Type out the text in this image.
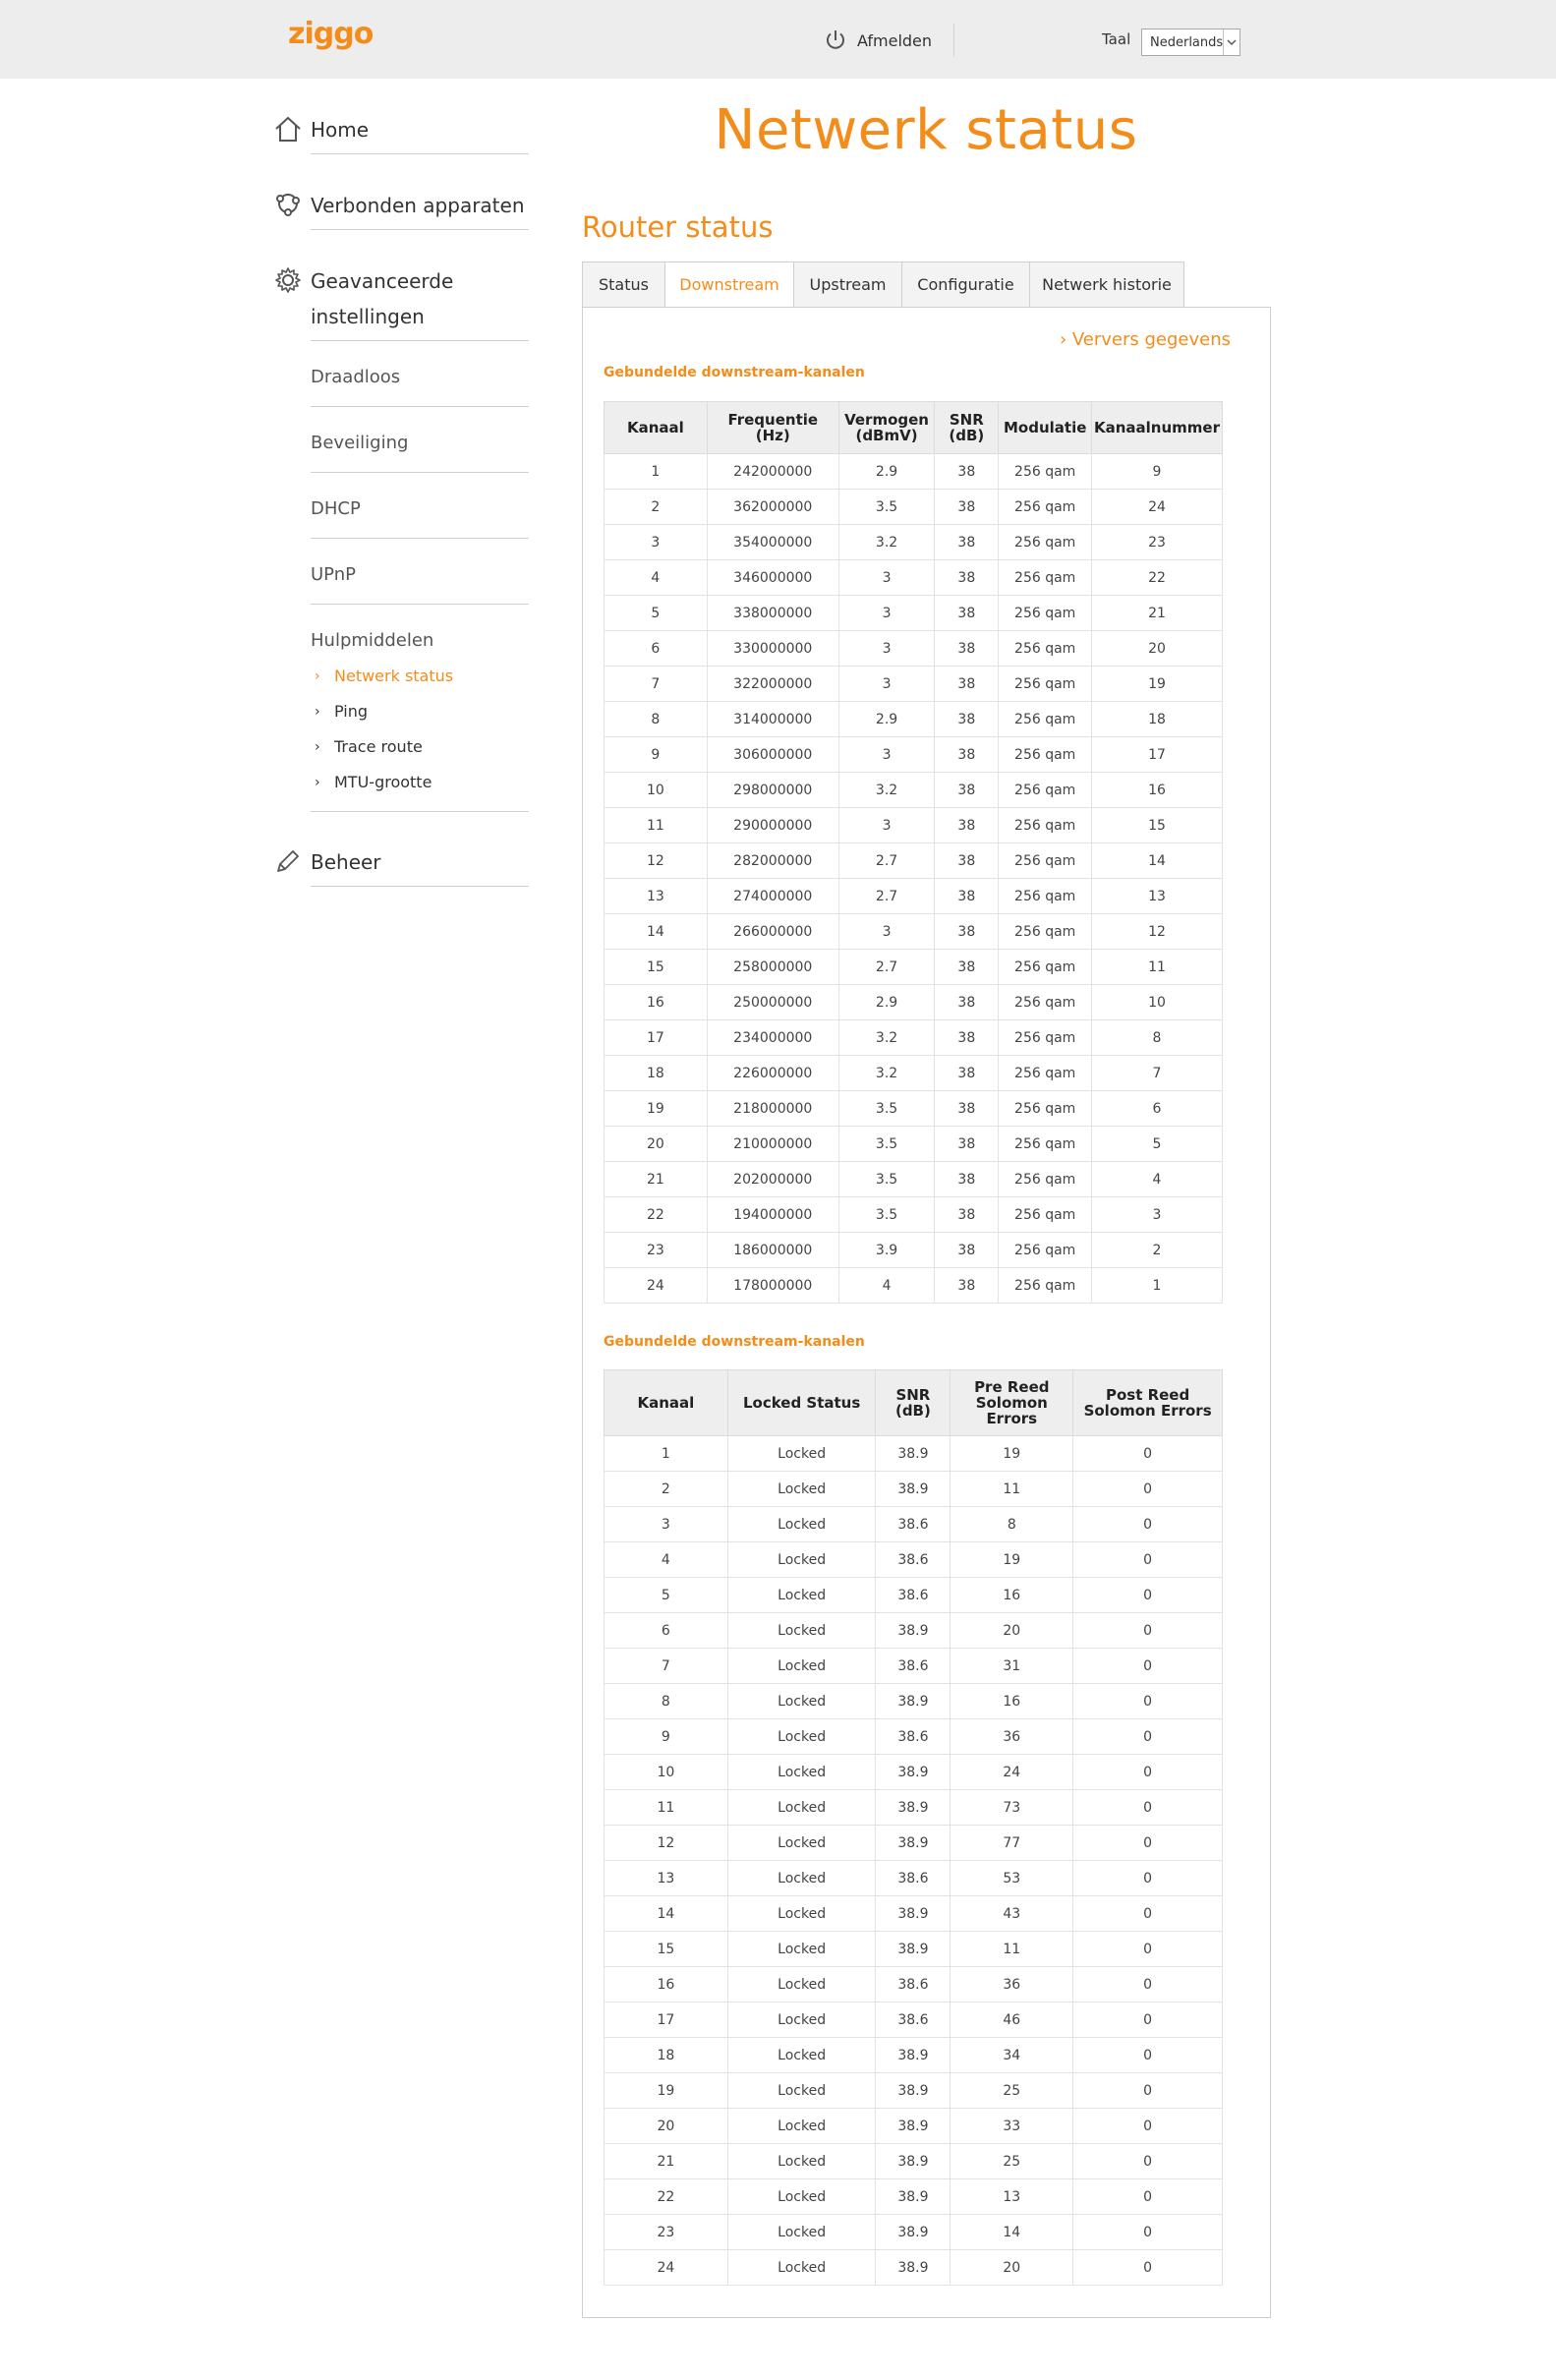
ziggo	Afmelden	Taal	Nederlands
Home
Verbonden apparaten
Geavanceerde
instellingen
Draadloos
Beveiliging
DHCP
UPnP
Hulpmiddelen
› Netwerk status
› Ping
› Trace route
› MTU-grootte
Beheer
Netwerk status
Router status
Status	Downstream	Upstream	Configuratie	Netwerk historie
› Ververs gegevens
Gebundelde downstream-kanalen
Kanaal	Frequentie (Hz)	Vermogen (dBmV)	SNR (dB)	Modulatie	Kanaalnummer
1	242000000	2.9	38	256 qam	9
2	362000000	3.5	38	256 qam	24
3	354000000	3.2	38	256 qam	23
4	346000000	3	38	256 qam	22
5	338000000	3	38	256 qam	21
6	330000000	3	38	256 qam	20
7	322000000	3	38	256 qam	19
8	314000000	2.9	38	256 qam	18
9	306000000	3	38	256 qam	17
10	298000000	3.2	38	256 qam	16
11	290000000	3	38	256 qam	15
12	282000000	2.7	38	256 qam	14
13	274000000	2.7	38	256 qam	13
14	266000000	3	38	256 qam	12
15	258000000	2.7	38	256 qam	11
16	250000000	2.9	38	256 qam	10
17	234000000	3.2	38	256 qam	8
18	226000000	3.2	38	256 qam	7
19	218000000	3.5	38	256 qam	6
20	210000000	3.5	38	256 qam	5
21	202000000	3.5	38	256 qam	4
22	194000000	3.5	38	256 qam	3
23	186000000	3.9	38	256 qam	2
24	178000000	4	38	256 qam	1
Gebundelde downstream-kanalen
Kanaal	Locked Status	SNR (dB)	Pre Reed Solomon Errors	Post Reed Solomon Errors
1	Locked	38.9	19	0
2	Locked	38.9	11	0
3	Locked	38.6	8	0
4	Locked	38.6	19	0
5	Locked	38.6	16	0
6	Locked	38.9	20	0
7	Locked	38.6	31	0
8	Locked	38.9	16	0
9	Locked	38.6	36	0
10	Locked	38.9	24	0
11	Locked	38.9	73	0
12	Locked	38.9	77	0
13	Locked	38.6	53	0
14	Locked	38.9	43	0
15	Locked	38.9	11	0
16	Locked	38.6	36	0
17	Locked	38.6	46	0
18	Locked	38.9	34	0
19	Locked	38.9	25	0
20	Locked	38.9	33	0
21	Locked	38.9	25	0
22	Locked	38.9	13	0
23	Locked	38.9	14	0
24	Locked	38.9	20	0
